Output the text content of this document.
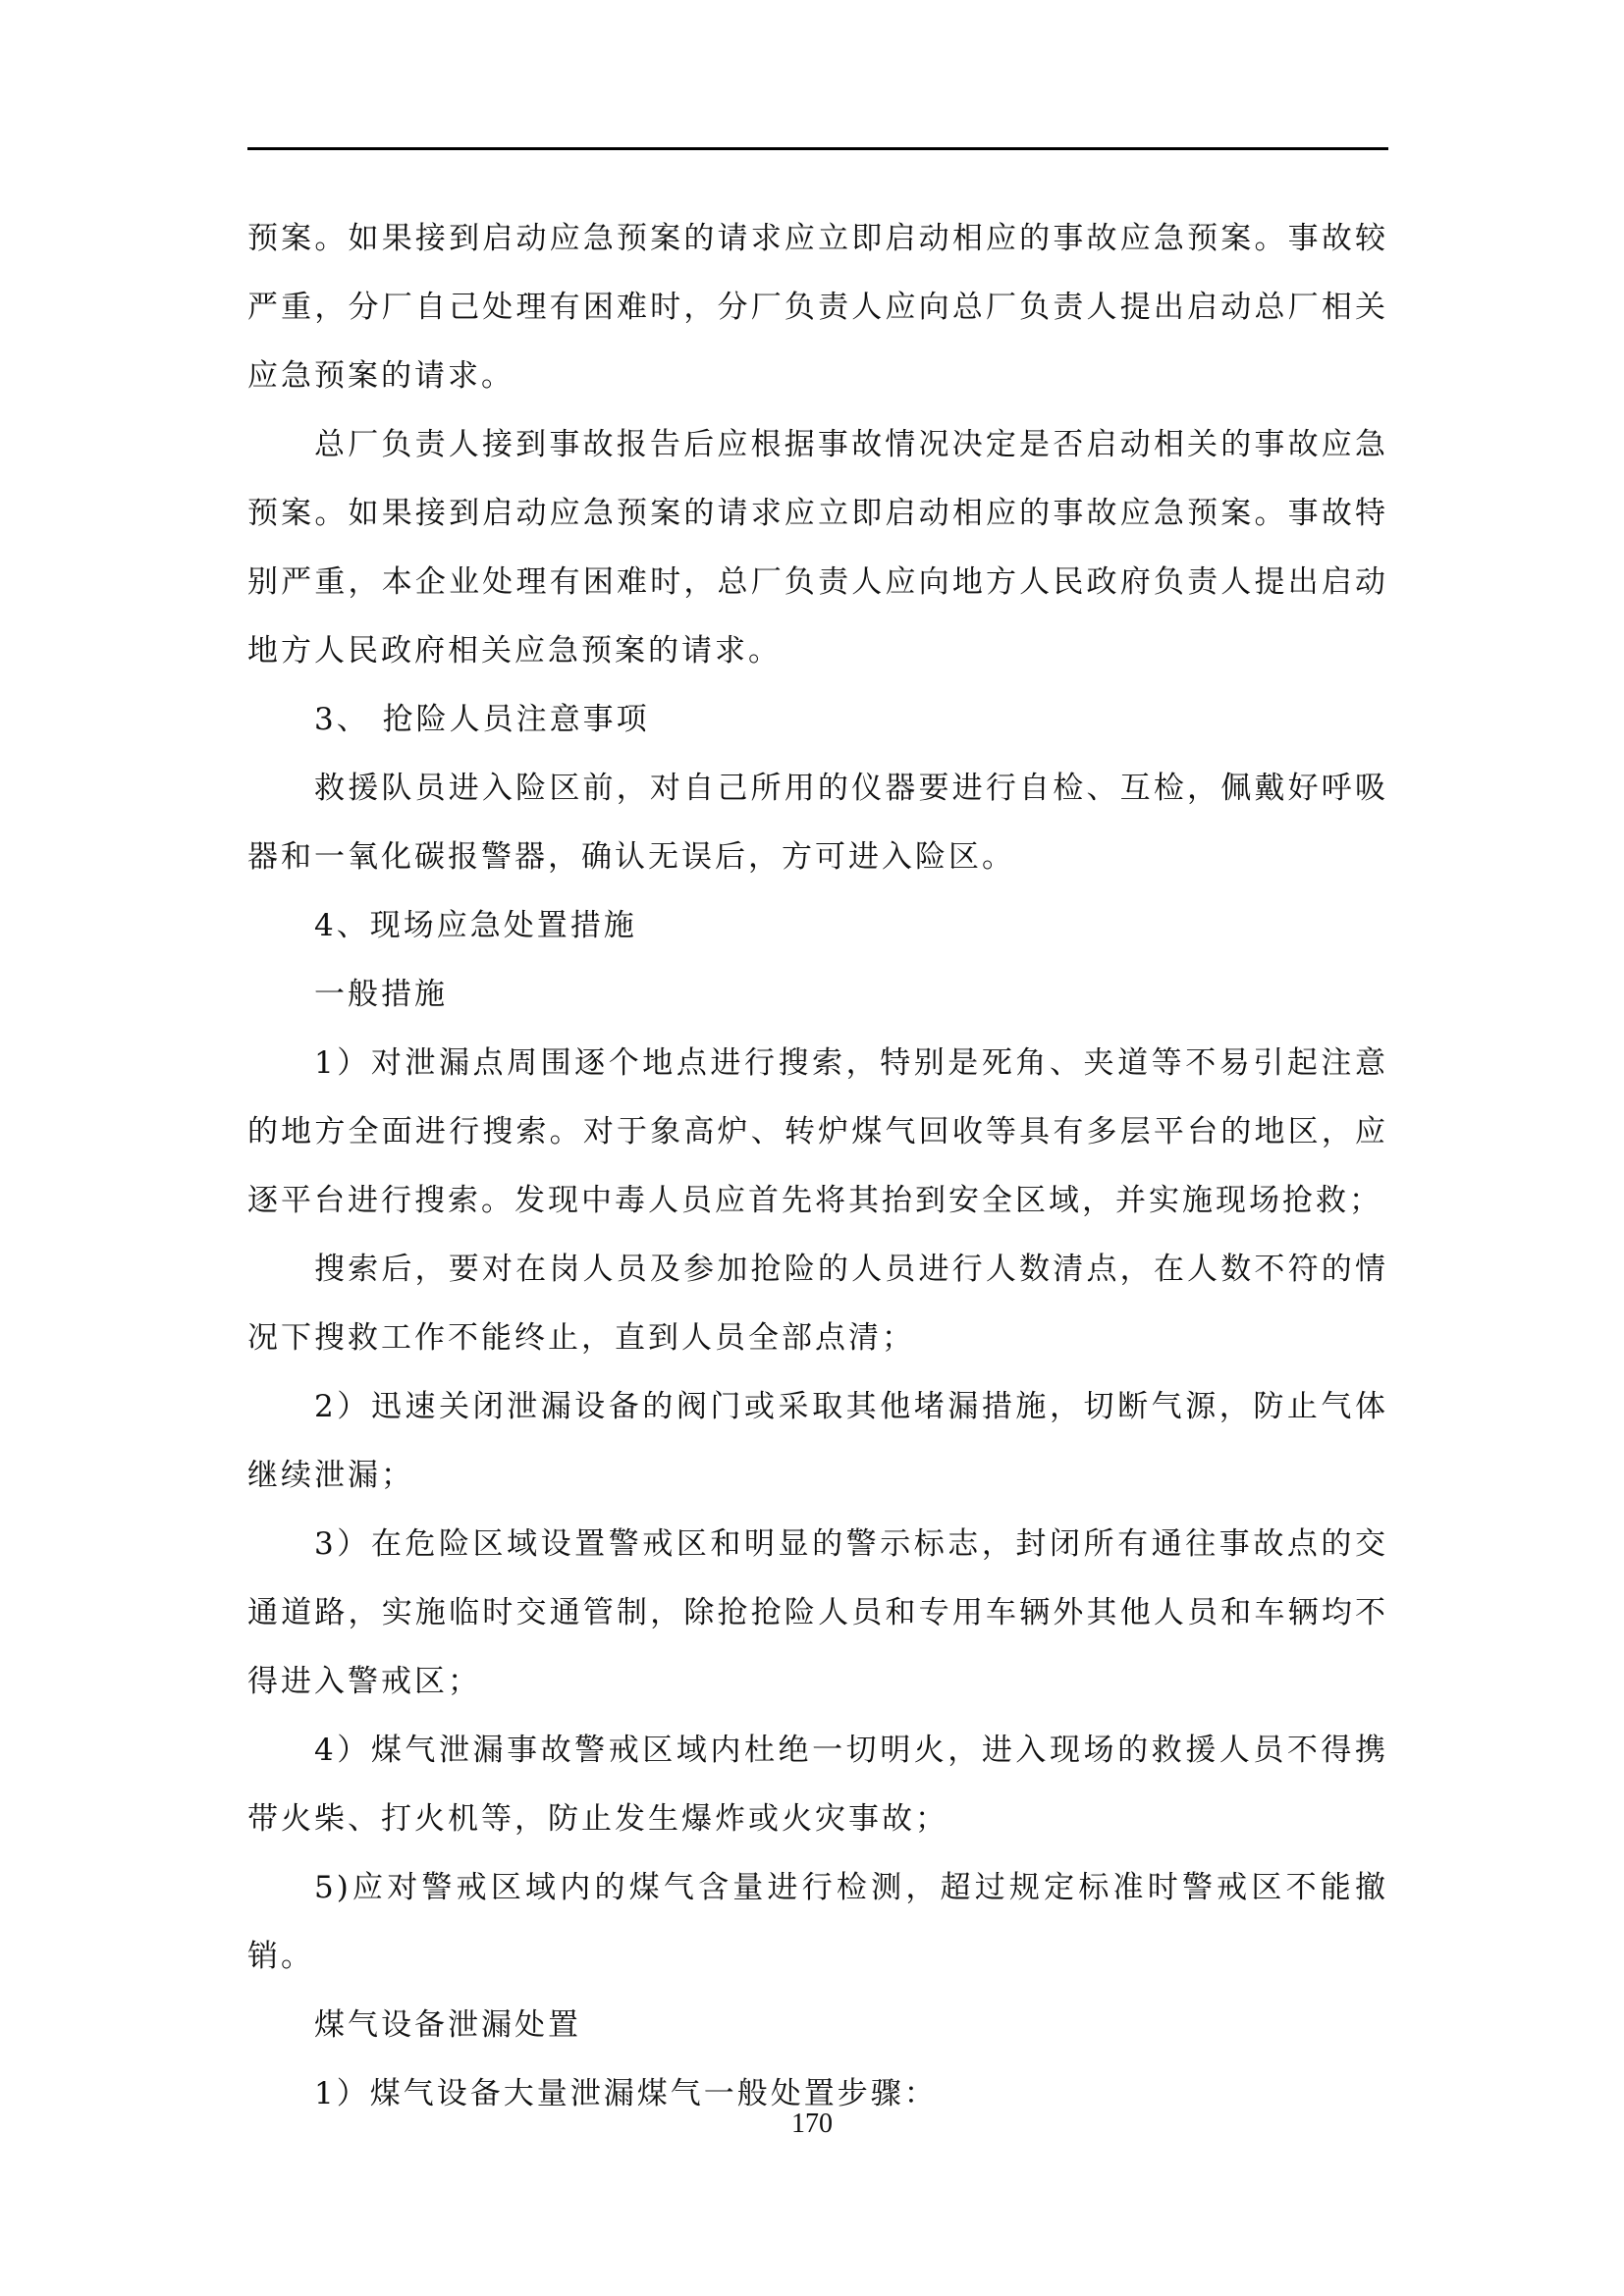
预案。如果接到启动应急预案的请求应立即启动相应的事故应急预案。事故较严重，分厂自己处理有困难时，分厂负责人应向总厂负责人提出启动总厂相关应急预案的请求。

总厂负责人接到事故报告后应根据事故情况决定是否启动相关的事故应急预案。如果接到启动应急预案的请求应立即启动相应的事故应急预案。事故特别严重，本企业处理有困难时，总厂负责人应向地方人民政府负责人提出启动地方人民政府相关应急预案的请求。

3、 抢险人员注意事项

救援队员进入险区前，对自己所用的仪器要进行自检、互检，佩戴好呼吸器和一氧化碳报警器，确认无误后，方可进入险区。

4、现场应急处置措施

一般措施

1）对泄漏点周围逐个地点进行搜索，特别是死角、夹道等不易引起注意的地方全面进行搜索。对于象高炉、转炉煤气回收等具有多层平台的地区，应逐平台进行搜索。发现中毒人员应首先将其抬到安全区域，并实施现场抢救；

搜索后，要对在岗人员及参加抢险的人员进行人数清点，在人数不符的情况下搜救工作不能终止，直到人员全部点清；

2）迅速关闭泄漏设备的阀门或采取其他堵漏措施，切断气源，防止气体继续泄漏；

3）在危险区域设置警戒区和明显的警示标志，封闭所有通往事故点的交通道路，实施临时交通管制，除抢抢险人员和专用车辆外其他人员和车辆均不得进入警戒区；

4）煤气泄漏事故警戒区域内杜绝一切明火，进入现场的救援人员不得携带火柴、打火机等，防止发生爆炸或火灾事故；

5)应对警戒区域内的煤气含量进行检测，超过规定标准时警戒区不能撤销。

煤气设备泄漏处置

1）煤气设备大量泄漏煤气一般处置步骤：

170
